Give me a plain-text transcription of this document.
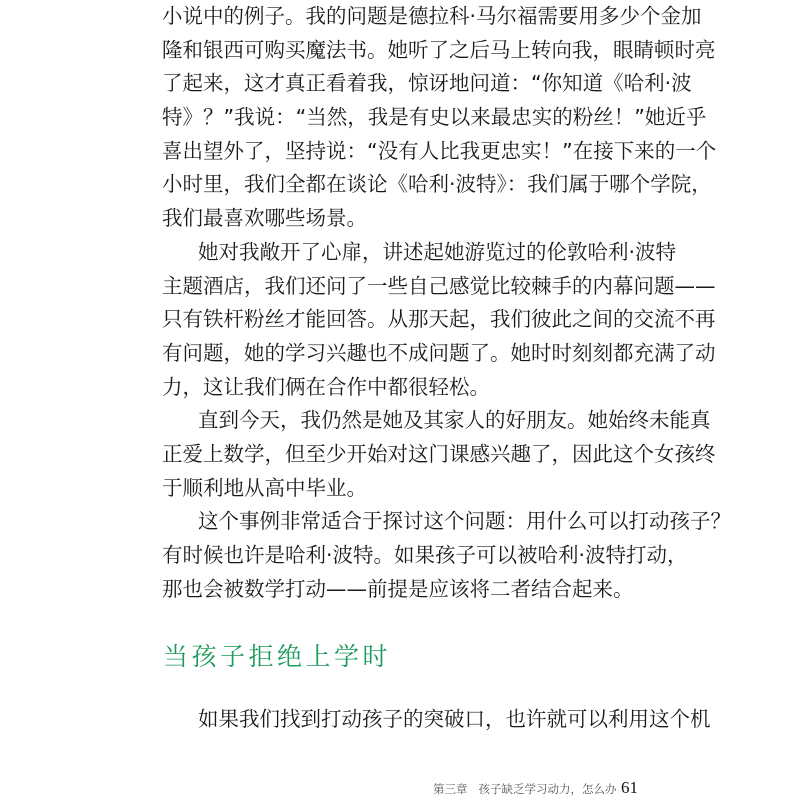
小说中的例子。我的问题是德拉科·马尔福需要用多少个金加
隆和银西可购买魔法书。她听了之后马上转向我，眼睛顿时亮
了起来，这才真正看着我，惊讶地问道：“你知道《哈利·波
特》？”我说：“当然，我是有史以来最忠实的粉丝！”她近乎
喜出望外了，坚持说：“没有人比我更忠实！”在接下来的一个
小时里，我们全都在谈论《哈利·波特》：我们属于哪个学院，
我们最喜欢哪些场景。
她对我敞开了心扉，讲述起她游览过的伦敦哈利·波特
主题酒店，我们还问了一些自己感觉比较棘手的内幕问题——
只有铁杆粉丝才能回答。从那天起，我们彼此之间的交流不再
有问题，她的学习兴趣也不成问题了。她时时刻刻都充满了动
力，这让我们俩在合作中都很轻松。
直到今天，我仍然是她及其家人的好朋友。她始终未能真
正爱上数学，但至少开始对这门课感兴趣了，因此这个女孩终
于顺利地从高中毕业。
这个事例非常适合于探讨这个问题：用什么可以打动孩子？
有时候也许是哈利·波特。如果孩子可以被哈利·波特打动，
那也会被数学打动——前提是应该将二者结合起来。
当孩子拒绝上学时
如果我们找到打动孩子的突破口，也许就可以利用这个机
第三章   孩子缺乏学习动力，怎么办 61
